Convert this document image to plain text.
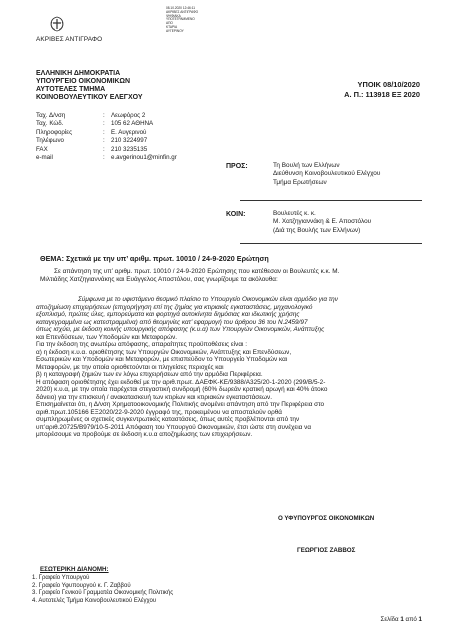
ΑΚΡΙΒΕΣ ΑΝΤΙΓΡΑΦΟ
08.10.2020 12:46:11
ΑΚΡΙΒΕΣ ΑΝΤΙΓΡΑΦΟ
ΨΗΦΙΑΚΑ
ΥΠΟΓΕΓΡΑΜΜΕΝΟ
ΑΠΟ
ΚΤΑΡΙΑ
ΑΥΓΕΡΙΝΟΥ
ΥΠΟΙΚ 08/10/2020
Α. Π.: 113918 ΕΞ 2020
ΕΛΛΗΝΙΚΗ ΔΗΜΟΚΡΑΤΙΑ
ΥΠΟΥΡΓΕΙΟ ΟΙΚΟΝΟΜΙΚΩΝ
ΑΥΤΟΤΕΛΕΣ ΤΜΗΜΑ
ΚΟΙΝΟΒΟΥΛΕΥΤΙΚΟΥ ΕΛΕΓΧΟΥ
Ταχ. Δ/νση	:	Λεωφόρος 2
Ταχ. Κώδ.	:	105 62 ΑΘΗΝΑ
Πληροφορίες	:	Ε. Αυγερινού
Τηλέφωνο	:	210 3224997
FAX	:	210 3235135
e-mail	:	e.avgerinou1@minfin.gr
ΠΡΟΣ:	Τη Βουλή των Ελλήνων
Διεύθυνση Κοινοβουλευτικού Ελέγχου
Τμήμα Ερωτήσεων
ΚΟΙΝ:	Βουλευτές κ. κ.
Μ. Χατζηγιαννάκη & Ε. Αποστόλου
(Διά της Βουλής των Ελλήνων)
ΘΕΜΑ: Σχετικά με την υπ’ αριθμ. πρωτ. 10010 / 24-9-2020 Ερώτηση
Σε απάντηση της υπ’ αριθμ. πρωτ. 10010 / 24-9-2020 Ερώτησης που κατέθεσαν οι Βουλευτές κ.κ. Μ.
Μιλτιάδης Χατζηγιαννάκης και Ευάγγελος Αποστόλου, σας γνωρίζουμε τα ακόλουθα:
Σύμφωνα με το υφιστάμενο θεσμικό πλαίσιο το Υπουργείο Οικονομικών είναι αρμόδιο για την
αποζημίωση επιχειρήσεων (επιχορήγηση επί της ζημίας για κτιριακές εγκαταστάσεις, μηχανολογικό
εξοπλισμό, πρώτες ύλες, εμπορεύματα και φορτηγά αυτοκίνητα δημόσιας και ιδιωτικής χρήσης
καταγεγραμμένα ως κατεστραμμένα) από θεομηνίες κατ’ εφαρμογή του άρθρου 36 του Ν.2459/97
όπως ισχύει, με έκδοση κοινής υπουργικής απόφασης (κ.υ.α) των Υπουργών Οικονομικών, Ανάπτυξης
και Επενδύσεων, των Υποδομών και Μεταφορών.
Για την έκδοση της ανωτέρω απόφασης, απαραίτητες προϋποθέσεις είναι :
α) η έκδοση κ.υ.α. οριοθέτησης των Υπουργών Οικονομικών, Ανάπτυξης και Επενδύσεων,
Εσωτερικών και Υποδομών και Μεταφορών, με επισπεύδον το Υπουργείο Υποδομών και
Μεταφορών, με την οποία οριοθετούνται οι πληγείσες περιοχές και
β) η καταγραφή ζημιών των εν λόγω επιχειρήσεων από την αρμόδια Περιφέρεια.
Η απόφαση οριοθέτησης έχει εκδοθεί με την αριθ.πρωτ. ΔΑΕΦΚ-ΚΕ/9388/Α325/20-1-2020 (299/Β/5-2-
2020) κ.υ.α, με την οποία παρέχεται στεγαστική συνδρομή (60% δωρεάν κρατική αρωγή και 40% άτοκο
δάνειο) για την επισκευή / ανακατασκευή των κτιρίων και κτιριακών εγκαταστάσεων.
Επισημαίνεται ότι, η Δ/νση Χρηματοοικονομικής Πολιτικής ανομένει απάντηση από την Περιφέρεια στο
αριθ.πρωτ.105166 ΕΞ2020/22-9-2020 έγγραφό της, προκειμένου να αποσταλούν ορθά
συμπληρωμένες οι σχετικές συγκεντρωτικές καταστάσεις, όπως αυτές προβλέπονται από την
υπ’αριθ.20725/Β979/10-5-2011 Απόφαση του Υπουργού Οικονομικών, έτσι ώστε στη συνέχεια να
μπορέσουμε να προβούμε σε έκδοση κ.υ.α αποζημίωσης των επιχειρήσεων.
Ο ΥΦΥΠΟΥΡΓΟΣ ΟΙΚΟΝΟΜΙΚΩΝ
ΓΕΩΡΓΙΟΣ ΖΑΒΒΟΣ
ΕΣΩΤΕΡΙΚΗ ΔΙΑΝΟΜΗ:
1. Γραφείο Υπουργού
2. Γραφείο Υφυπουργού κ. Γ. Ζαββού
3. Γραφείο Γενικού Γραμματέα Οικονομικής Πολιτικής
4. Αυτοτελές Τμήμα Κοινοβουλευτικού Ελέγχου
Σελίδα 1 από 1
